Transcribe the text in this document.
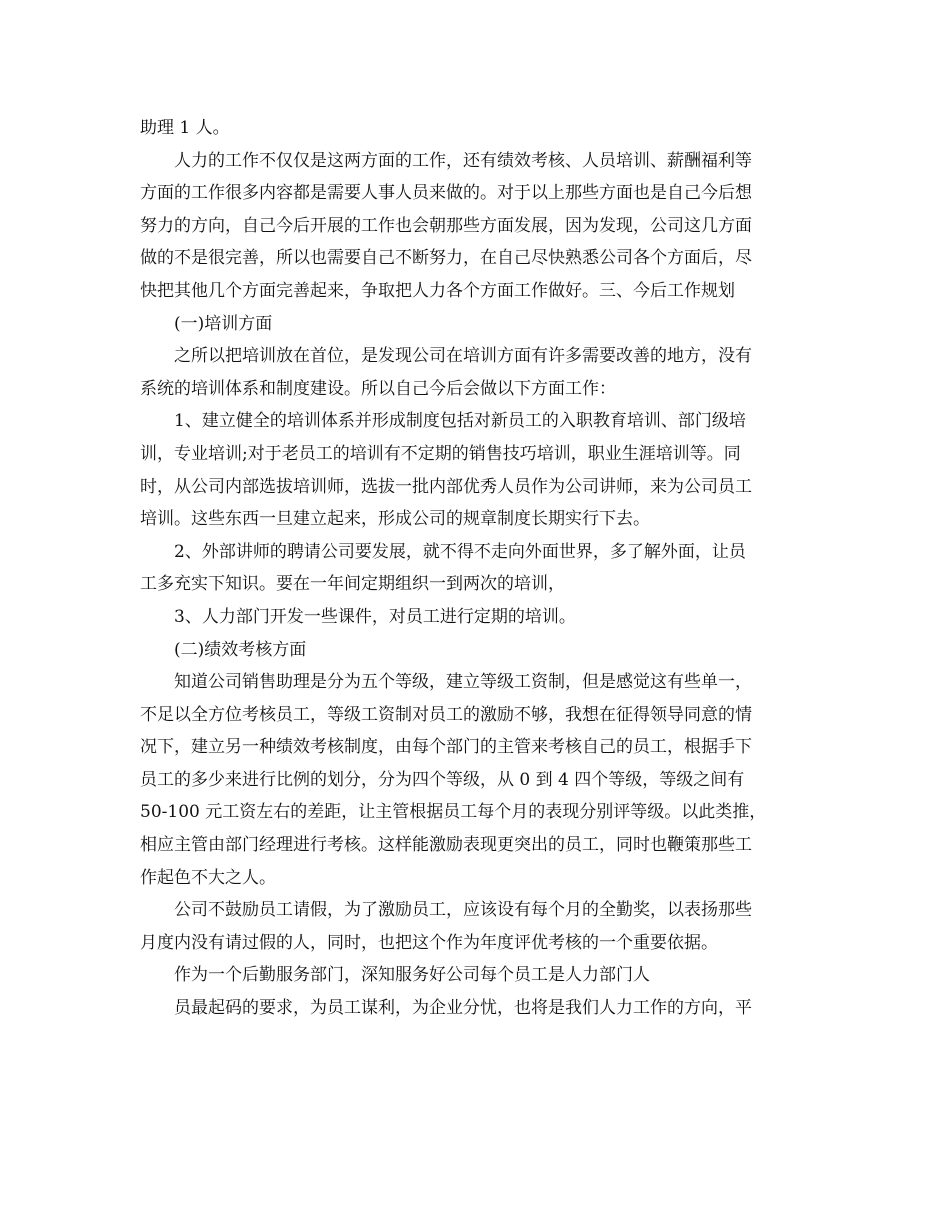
助理 1 人。
人力的工作不仅仅是这两方面的工作，还有绩效考核、人员培训、薪酬福利等
方面的工作很多内容都是需要人事人员来做的。对于以上那些方面也是自己今后想
努力的方向，自己今后开展的工作也会朝那些方面发展，因为发现，公司这几方面
做的不是很完善，所以也需要自己不断努力，在自己尽快熟悉公司各个方面后，尽
快把其他几个方面完善起来，争取把人力各个方面工作做好。三、今后工作规划
(一)培训方面
之所以把培训放在首位，是发现公司在培训方面有许多需要改善的地方，没有
系统的培训体系和制度建设。所以自己今后会做以下方面工作：
1、建立健全的培训体系并形成制度包括对新员工的入职教育培训、部门级培
训，专业培训;对于老员工的培训有不定期的销售技巧培训，职业生涯培训等。同
时，从公司内部选拔培训师，选拔一批内部优秀人员作为公司讲师，来为公司员工
培训。这些东西一旦建立起来，形成公司的规章制度长期实行下去。
2、外部讲师的聘请公司要发展，就不得不走向外面世界，多了解外面，让员
工多充实下知识。要在一年间定期组织一到两次的培训，
3、人力部门开发一些课件，对员工进行定期的培训。
(二)绩效考核方面
知道公司销售助理是分为五个等级，建立等级工资制，但是感觉这有些单一，
不足以全方位考核员工，等级工资制对员工的激励不够，我想在征得领导同意的情
况下，建立另一种绩效考核制度，由每个部门的主管来考核自己的员工，根据手下
员工的多少来进行比例的划分，分为四个等级，从 0 到 4 四个等级，等级之间有
50-100 元工资左右的差距，让主管根据员工每个月的表现分别评等级。以此类推，
相应主管由部门经理进行考核。这样能激励表现更突出的员工，同时也鞭策那些工
作起色不大之人。
公司不鼓励员工请假，为了激励员工，应该设有每个月的全勤奖，以表扬那些
月度内没有请过假的人，同时，也把这个作为年度评优考核的一个重要依据。
作为一个后勤服务部门，深知服务好公司每个员工是人力部门人
员最起码的要求，为员工谋利，为企业分忧，也将是我们人力工作的方向，平
